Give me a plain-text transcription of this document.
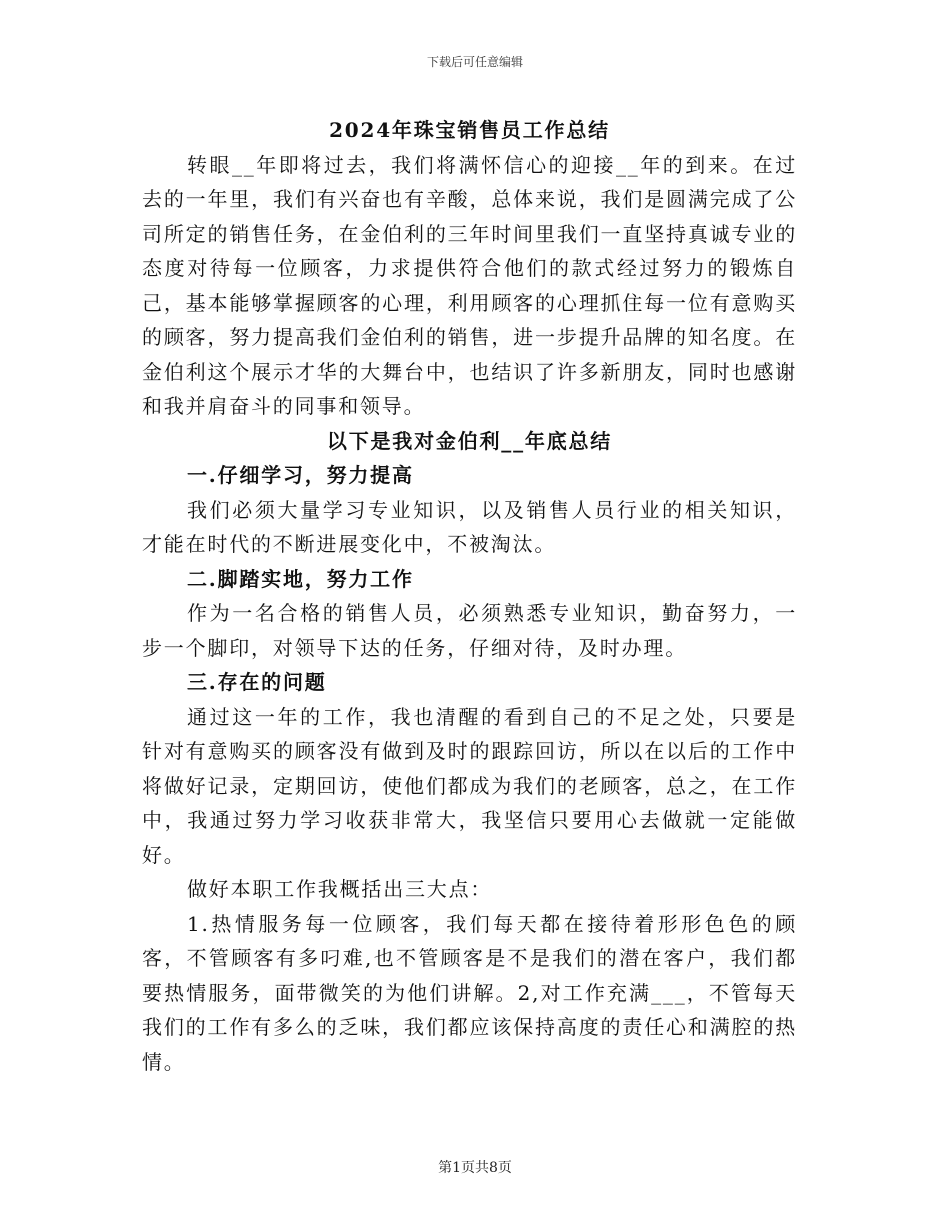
下载后可任意编辑

2024年珠宝销售员工作总结

转眼__年即将过去，我们将满怀信心的迎接__年的到来。在过去的一年里，我们有兴奋也有辛酸，总体来说，我们是圆满完成了公司所定的销售任务，在金伯利的三年时间里我们一直坚持真诚专业的态度对待每一位顾客，力求提供符合他们的款式经过努力的锻炼自己，基本能够掌握顾客的心理，利用顾客的心理抓住每一位有意购买的顾客，努力提高我们金伯利的销售，进一步提升品牌的知名度。在金伯利这个展示才华的大舞台中，也结识了许多新朋友，同时也感谢和我并肩奋斗的同事和领导。

以下是我对金伯利__年底总结

一.仔细学习，努力提高

我们必须大量学习专业知识，以及销售人员行业的相关知识，才能在时代的不断进展变化中，不被淘汰。

二.脚踏实地，努力工作

作为一名合格的销售人员，必须熟悉专业知识，勤奋努力，一步一个脚印，对领导下达的任务，仔细对待，及时办理。

三.存在的问题

通过这一年的工作，我也清醒的看到自己的不足之处，只要是针对有意购买的顾客没有做到及时的跟踪回访，所以在以后的工作中将做好记录，定期回访，使他们都成为我们的老顾客，总之，在工作中，我通过努力学习收获非常大，我坚信只要用心去做就一定能做好。

做好本职工作我概括出三大点：

1.热情服务每一位顾客，我们每天都在接待着形形色色的顾客，不管顾客有多叼难,也不管顾客是不是我们的潜在客户，我们都要热情服务，面带微笑的为他们讲解。2,对工作充满___，不管每天我们的工作有多么的乏味，我们都应该保持高度的责任心和满腔的热情。

第1页共8页
